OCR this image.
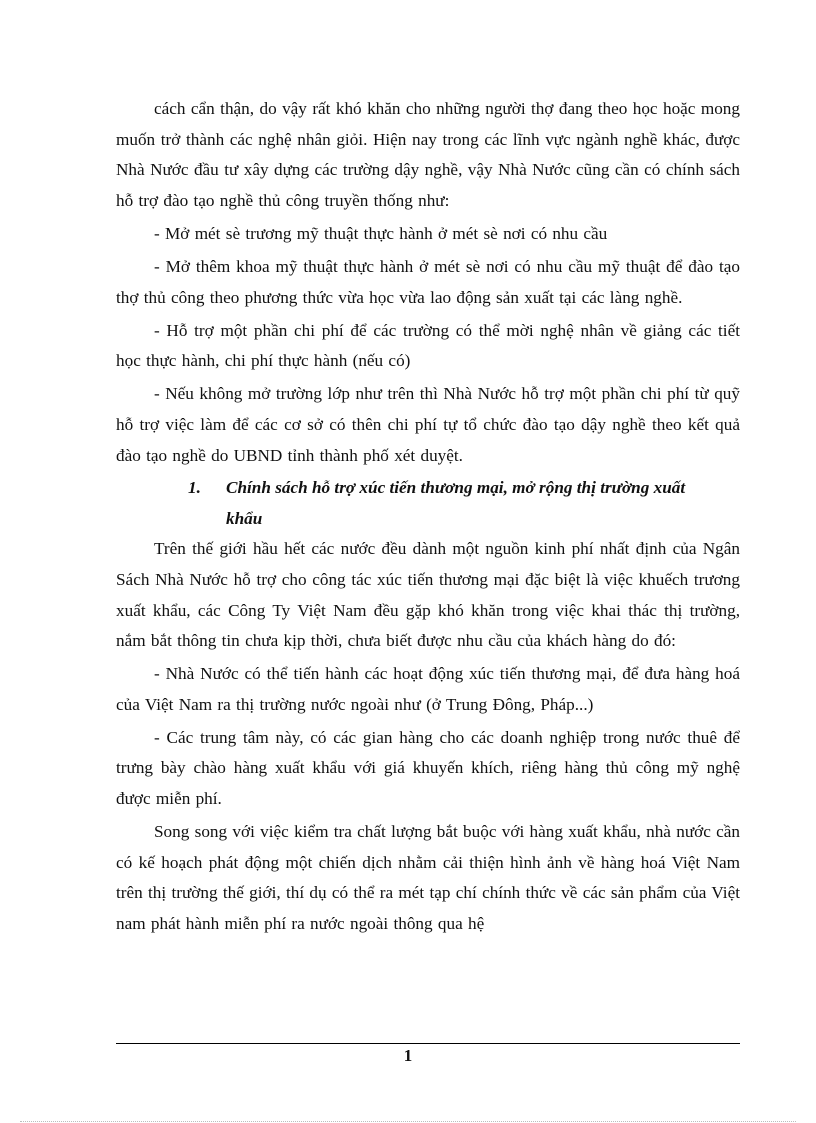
cách cẩn thận, do vậy rất khó khăn cho những người thợ đang theo học hoặc mong muốn trở thành các nghệ nhân giỏi. Hiện nay trong các lĩnh vực ngành nghề khác, được Nhà Nước đầu tư xây dựng các trường dậy nghề, vậy Nhà Nước cũng cần có chính sách hỗ trợ đào tạo nghề thủ công truyền thống như:

- Mở mét sè trương mỹ thuật thực hành ở mét sè nơi có nhu cầu

- Mở thêm khoa mỹ thuật thực hành ở mét sè nơi có nhu cầu mỹ thuật để đào tạo thợ thủ công theo phương thức vừa học vừa lao động sản xuất tại các làng nghề.

- Hỗ trợ một phần chi phí để các trường có thể mời nghệ nhân về giảng các tiết học thực hành, chi phí thực hành (nếu có)

- Nếu không mở trường lớp như trên thì Nhà Nước hỗ trợ một phần chi phí từ quỹ hỗ trợ việc làm để các cơ sở có thên chi phí tự tổ chức đào tạo dậy nghề theo kết quả đào tạo nghề do UBND tỉnh thành phố xét duyệt.

1.	Chính sách hỗ trợ xúc tiến thương mại, mở rộng thị trường xuất khẩu

Trên thế giới hầu hết các nước đều dành một nguồn kinh phí nhất định của Ngân Sách Nhà Nước hỗ trợ cho công tác xúc tiến thương mại đặc biệt là việc khuếch trương xuất khẩu, các Công Ty Việt Nam đều gặp khó khăn trong việc khai thác thị trường, nắm bắt thông tin chưa kịp thời, chưa biết được nhu cầu của khách hàng do đó:

- Nhà Nước có thể tiến hành các hoạt động xúc tiến thương mại, để đưa hàng hoá của Việt Nam ra thị trường nước ngoài như (ở Trung Đông, Pháp...)

- Các trung tâm này, có các gian hàng cho các doanh nghiệp trong nước thuê để trưng bày chào hàng xuất khẩu với giá khuyến khích, riêng hàng thủ công mỹ nghệ được miễn phí.

Song song với việc kiểm tra chất lượng bắt buộc với hàng xuất khẩu, nhà nước cần có kế hoạch phát động một chiến dịch nhằm cải thiện hình ảnh về hàng hoá Việt Nam trên thị trường thế giới, thí dụ có thể ra mét tạp chí chính thức về các sản phẩm của Việt nam phát hành miễn phí ra nước ngoài thông qua hệ

1
